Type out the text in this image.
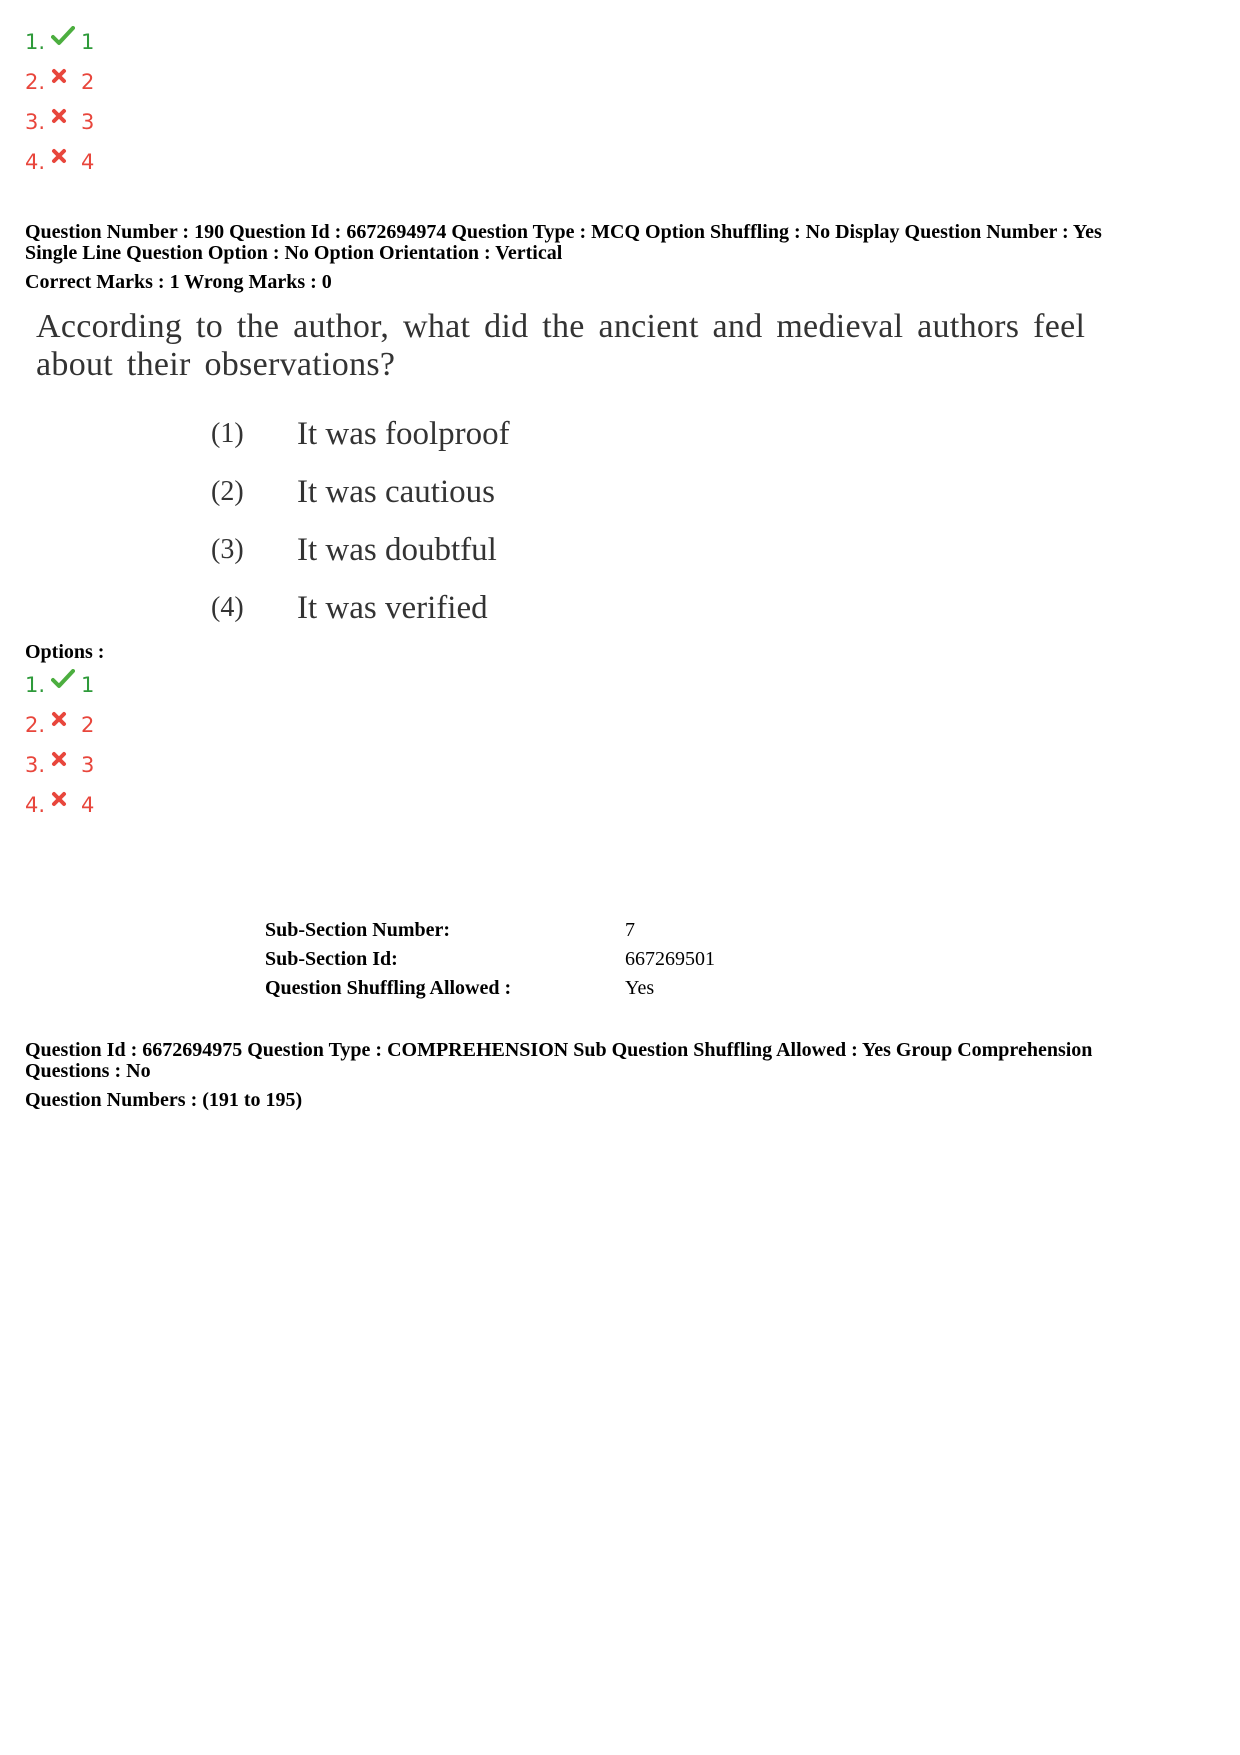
1. 1
2. 2
3. 3
4. 4

Question Number : 190 Question Id : 6672694974 Question Type : MCQ Option Shuffling : No Display Question Number : Yes

Single Line Question Option : No Option Orientation : Vertical

Correct Marks : 1 Wrong Marks : 0

According to the author, what did the ancient and medieval authors feel about their observations?
(1)	It was foolproof
(2)	It was cautious
(3)	It was doubtful
(4)	It was verified

Options :

1. 1
2. 2
3. 3
4. 4
Sub-Section Number:	7
Sub-Section Id:	667269501
Question Shuffling Allowed :	Yes

Question Id : 6672694975 Question Type : COMPREHENSION Sub Question Shuffling Allowed : Yes Group Comprehension

Questions : No

Question Numbers : (191 to 195)
